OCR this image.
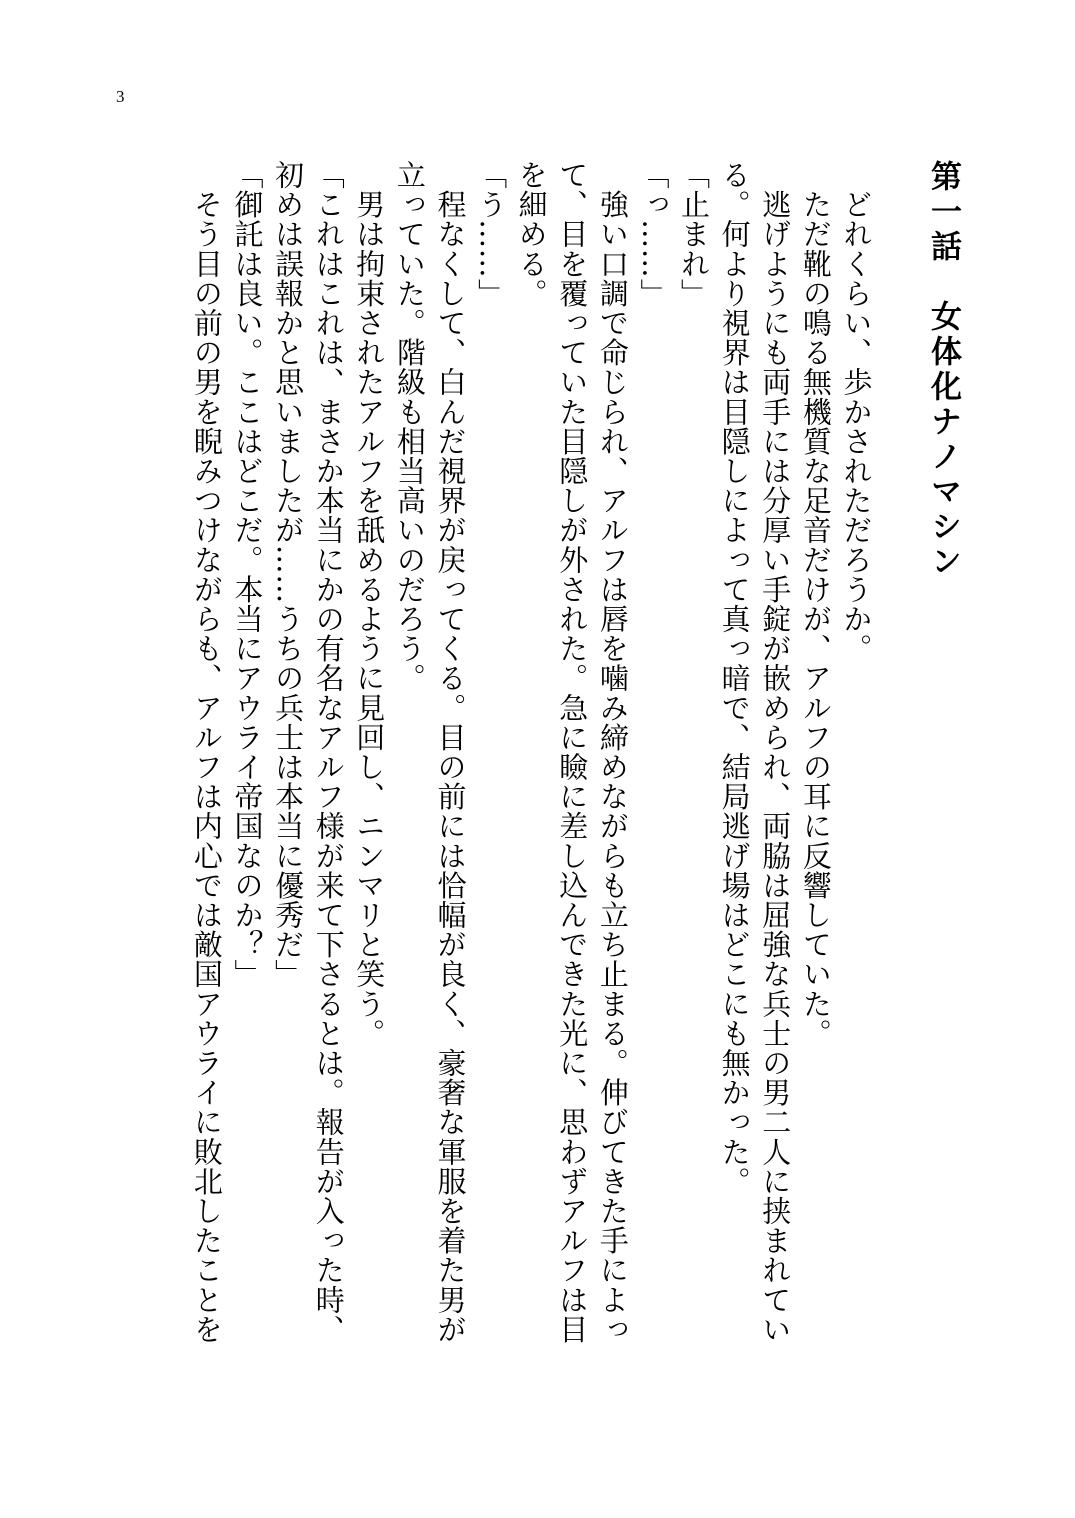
3
第一話　女体化ナノマシン
　どれくらい、歩かされただろうか。
　ただ靴の鳴る無機質な足音だけが、アルフの耳に反響していた。
　逃げようにも両手には分厚い手錠が嵌められ、両脇は屈強な兵士の男二人に挟まれてい
る。何より視界は目隠しによって真っ暗で、結局逃げ場はどこにも無かった。
「止まれ」
「っ……」
　強い口調で命じられ、アルフは唇を噛み締めながらも立ち止まる。伸びてきた手によっ
て、目を覆っていた目隠しが外された。急に瞼に差し込んできた光に、思わずアルフは目
を細める。
「う……」
　程なくして、白んだ視界が戻ってくる。目の前には恰幅が良く、豪奢な軍服を着た男が
立っていた。階級も相当高いのだろう。
　男は拘束されたアルフを舐めるように見回し、ニンマリと笑う。
「これはこれは、まさか本当にかの有名なアルフ様が来て下さるとは。報告が入った時、
初めは誤報かと思いましたが……うちの兵士は本当に優秀だ」
「御託は良い。ここはどこだ。本当にアウライ帝国なのか？」
　そう目の前の男を睨みつけながらも、アルフは内心では敵国アウライに敗北したことを
